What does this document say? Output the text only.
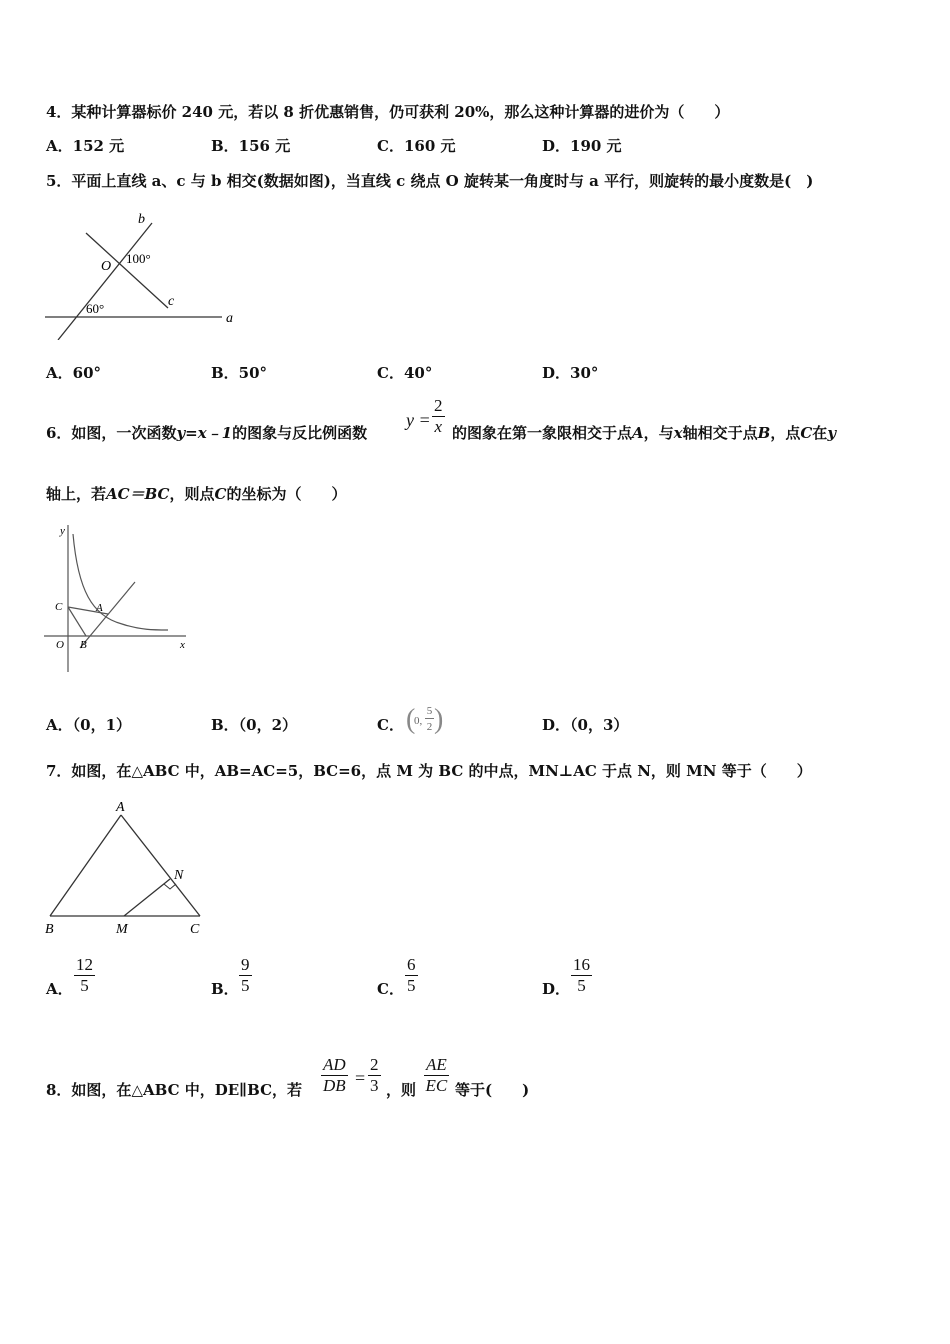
4．某种计算器标价 240 元，若以 8 折优惠销售，仍可获利 20%，那么这种计算器的进价为（　　）
A．152 元	B．156 元	C．160 元	D．190 元
5．平面上直线 a、c 与 b 相交(数据如图)，当直线 c 绕点 O 旋转某一角度时与 a 平行，则旋转的最小度数是(　)
b
O
100°
c
60°
a
A．60°	B．50°	C．40°	D．30°
6．如图，一次函数y=x﹣1的图象与反比例函数
$y = \frac{2}{x}$ 的图象在第一象限相交于点A，与x轴相交于点B，点C在y
轴上，若AC＝BC，则点C的坐标为（　　）
y
x
C	A
O B
A．（0，1）	B．（0，2）	C． (
0,
5
2 )	D．（0，3）
7．如图，在△ABC 中，AB=AC=5，BC=6，点 M 为 BC 的中点，MN⊥AC 于点 N，则 MN 等于（　　）
A
B	M	C
N
A． $\frac{12}{5}$	B． $\frac{9}{5}$	C． $\frac{6}{5}$	D． $\frac{16}{5}$
8．如图，在△ABC 中，DE∥BC，若 $\frac{AD}{DB} = \frac{2}{3}$ ，则 $\frac{AE}{EC}$ 等于(　　)
